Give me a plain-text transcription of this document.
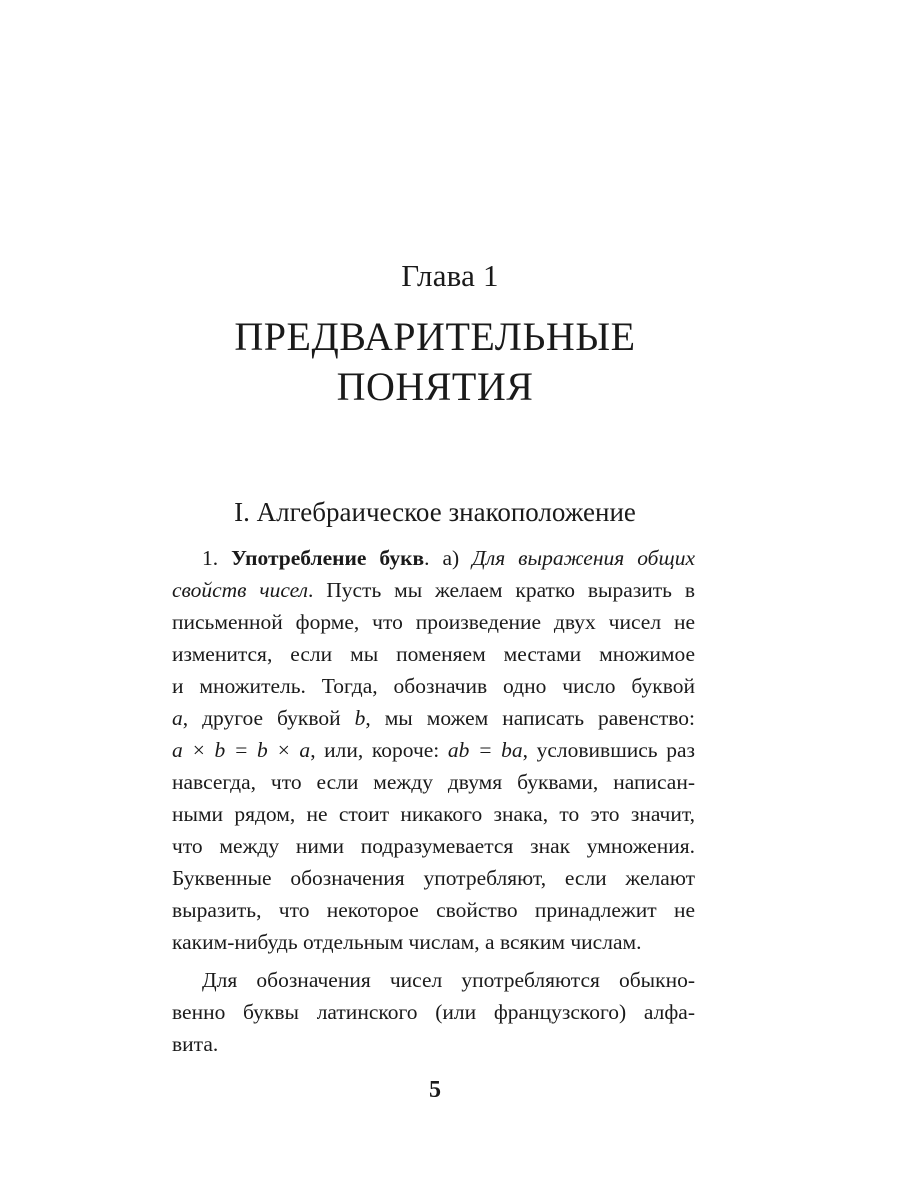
Глава 1
ПРЕДВАРИТЕЛЬНЫЕ
ПОНЯТИЯ
I. Алгебраическое знакоположение
1. Употребление букв. а) Для выражения общих
свойств чисел. Пусть мы желаем кратко выразить в
письменной форме, что произведение двух чисел не
изменится, если мы поменяем местами множимое
и множитель. Тогда, обозначив одно число буквой
a, другое буквой b, мы можем написать равенство:
a × b = b × a, или, короче: ab = ba, условившись раз
навсегда, что если между двумя буквами, написан-
ными рядом, не стоит никакого знака, то это значит,
что между ними подразумевается знак умножения.
Буквенные обозначения употребляют, если желают
выразить, что некоторое свойство принадлежит не
каким-нибудь отдельным числам, а всяким числам.
Для обозначения чисел употребляются обыкно-
венно буквы латинского (или французского) алфа-
вита.
5
